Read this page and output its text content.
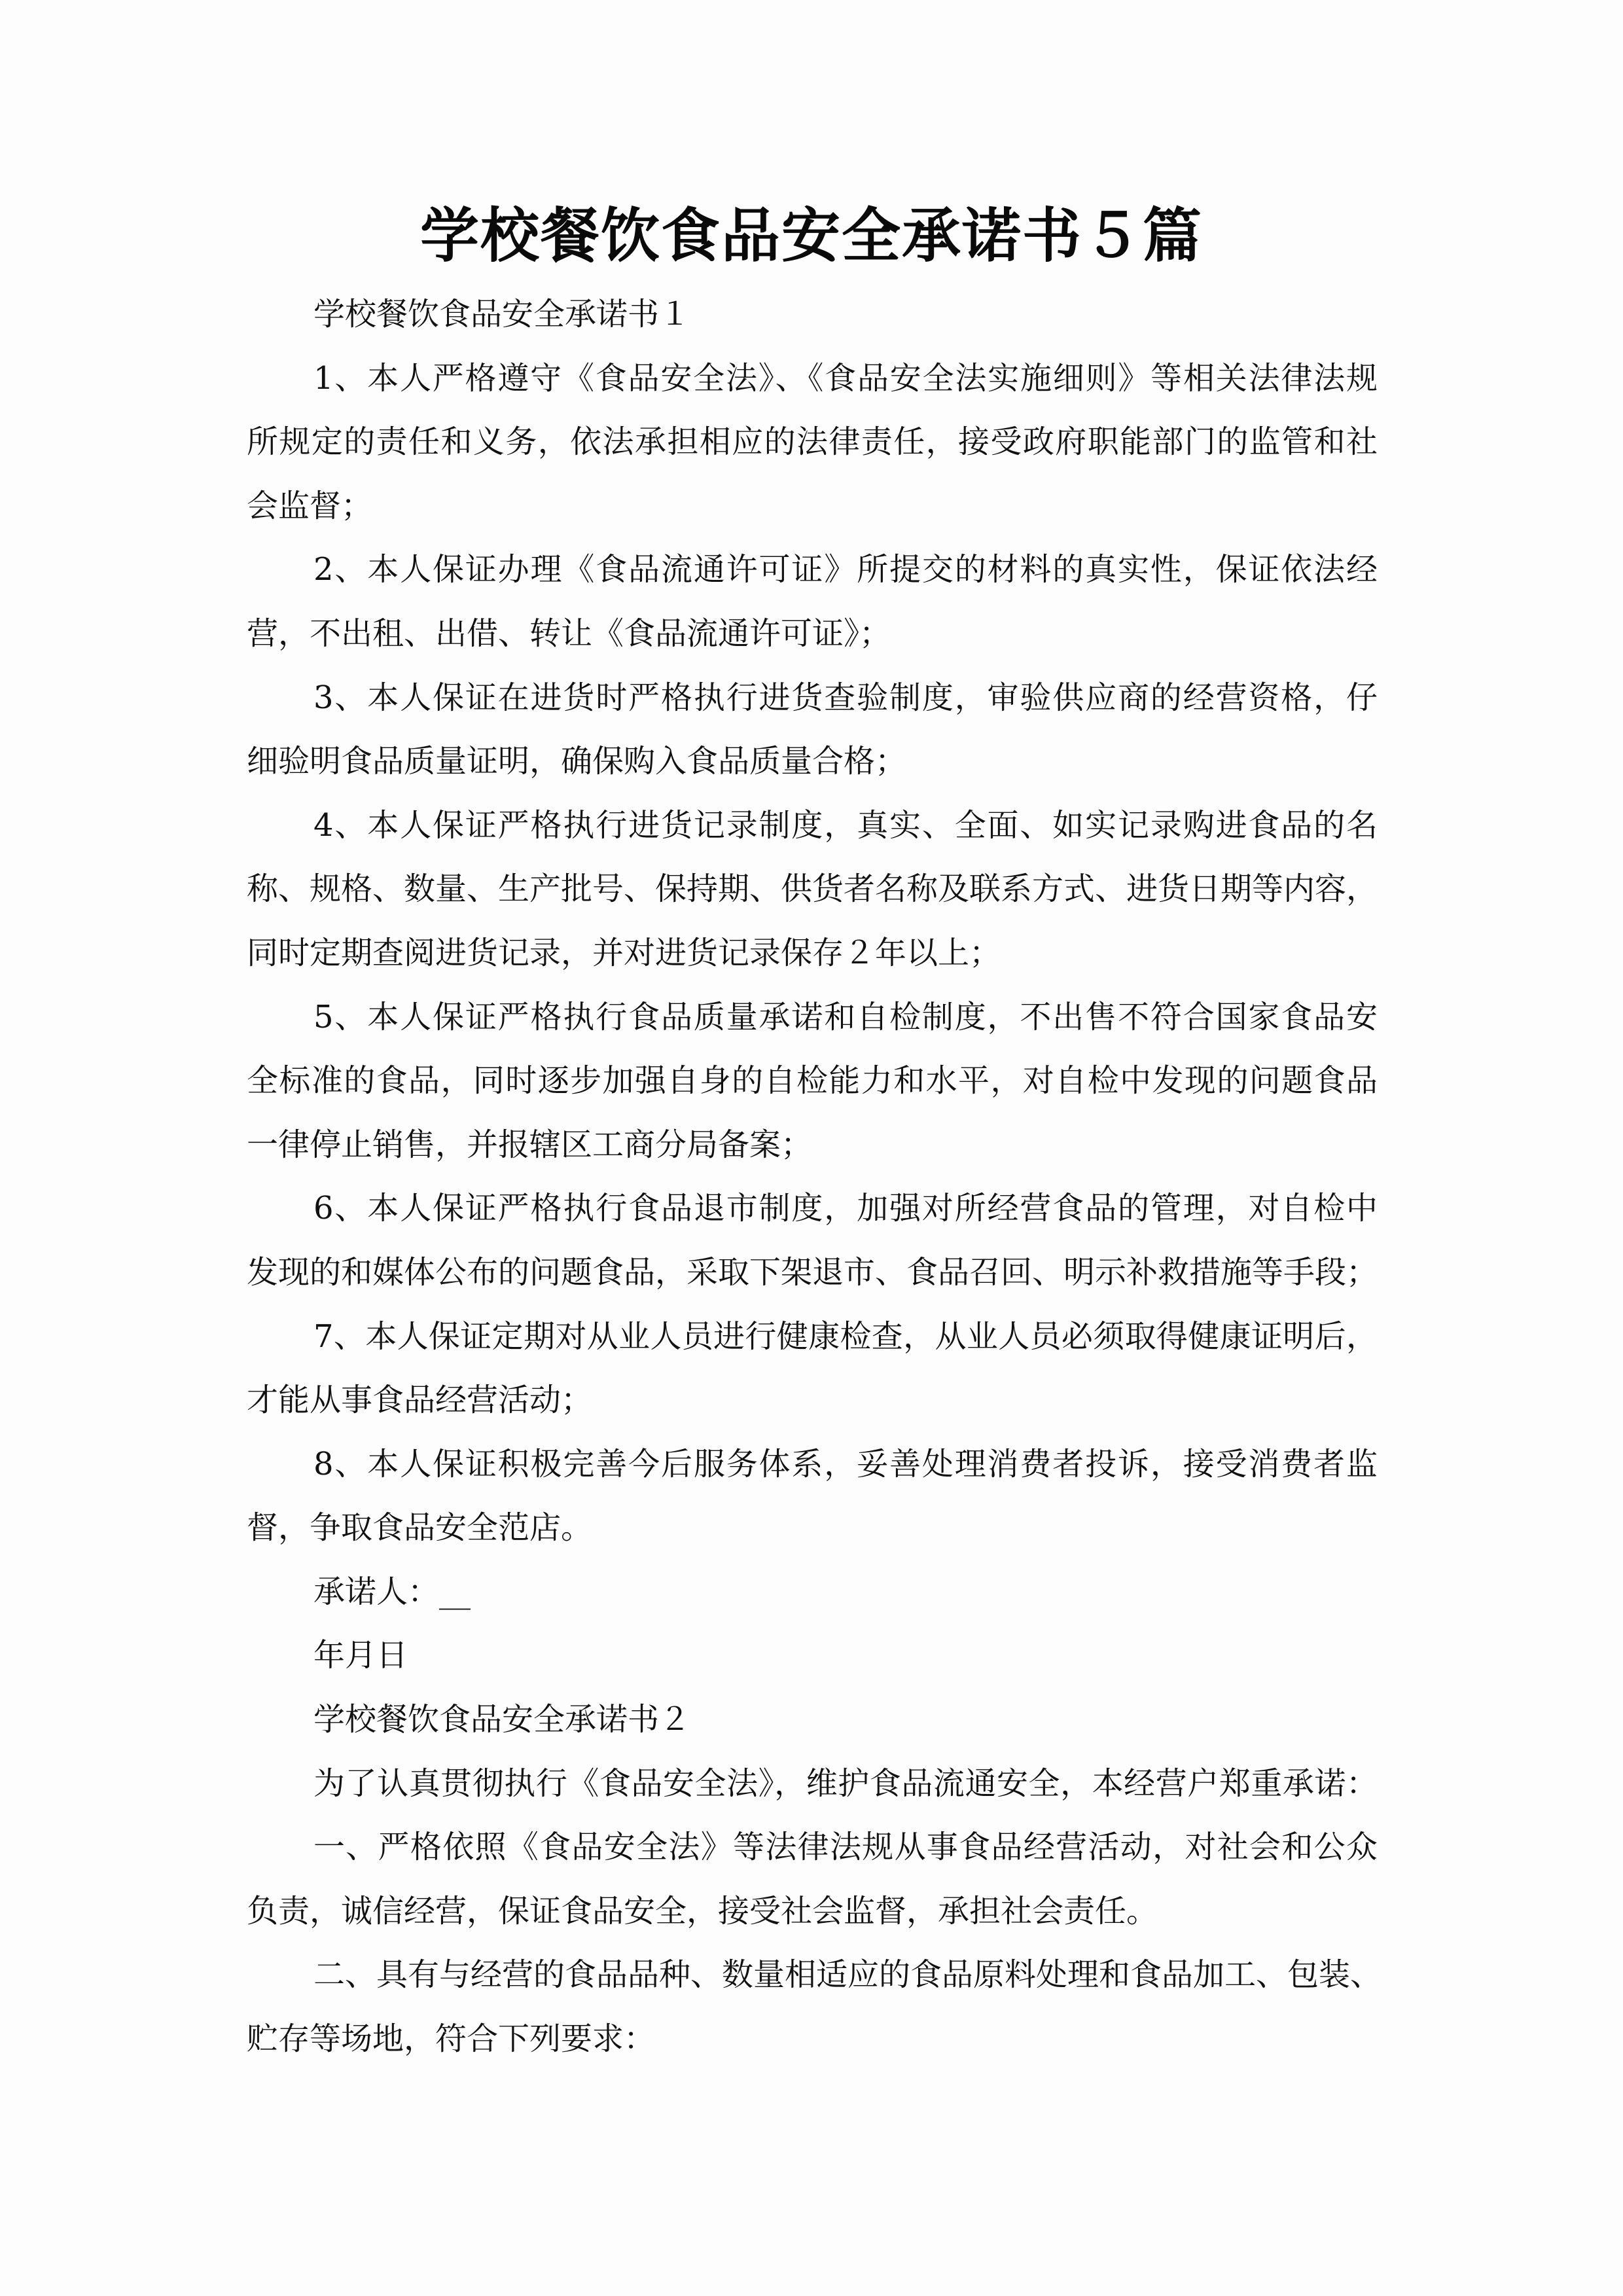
学校餐饮食品安全承诺书５篇
学校餐饮食品安全承诺书１
1、本人严格遵守《食品安全法》、《食品安全法实施细则》等相关法律法规
所规定的责任和义务，依法承担相应的法律责任，接受政府职能部门的监管和社
会监督；
2、本人保证办理《食品流通许可证》所提交的材料的真实性，保证依法经
营，不出租、出借、转让《食品流通许可证》；
3、本人保证在进货时严格执行进货查验制度，审验供应商的经营资格，仔
细验明食品质量证明，确保购入食品质量合格；
4、本人保证严格执行进货记录制度，真实、全面、如实记录购进食品的名
称、规格、数量、生产批号、保持期、供货者名称及联系方式、进货日期等内容，
同时定期查阅进货记录，并对进货记录保存２年以上；
5、本人保证严格执行食品质量承诺和自检制度，不出售不符合国家食品安
全标准的食品，同时逐步加强自身的自检能力和水平，对自检中发现的问题食品
一律停止销售，并报辖区工商分局备案；
6、本人保证严格执行食品退市制度，加强对所经营食品的管理，对自检中
发现的和媒体公布的问题食品，采取下架退市、食品召回、明示补救措施等手段；
7、本人保证定期对从业人员进行健康检查，从业人员必须取得健康证明后，
才能从事食品经营活动；
8、本人保证积极完善今后服务体系，妥善处理消费者投诉，接受消费者监
督，争取食品安全范店。
承诺人：__
年月日
学校餐饮食品安全承诺书２
为了认真贯彻执行《食品安全法》，维护食品流通安全，本经营户郑重承诺：
一、严格依照《食品安全法》等法律法规从事食品经营活动，对社会和公众
负责，诚信经营，保证食品安全，接受社会监督，承担社会责任。
二、具有与经营的食品品种、数量相适应的食品原料处理和食品加工、包装、
贮存等场地，符合下列要求：
